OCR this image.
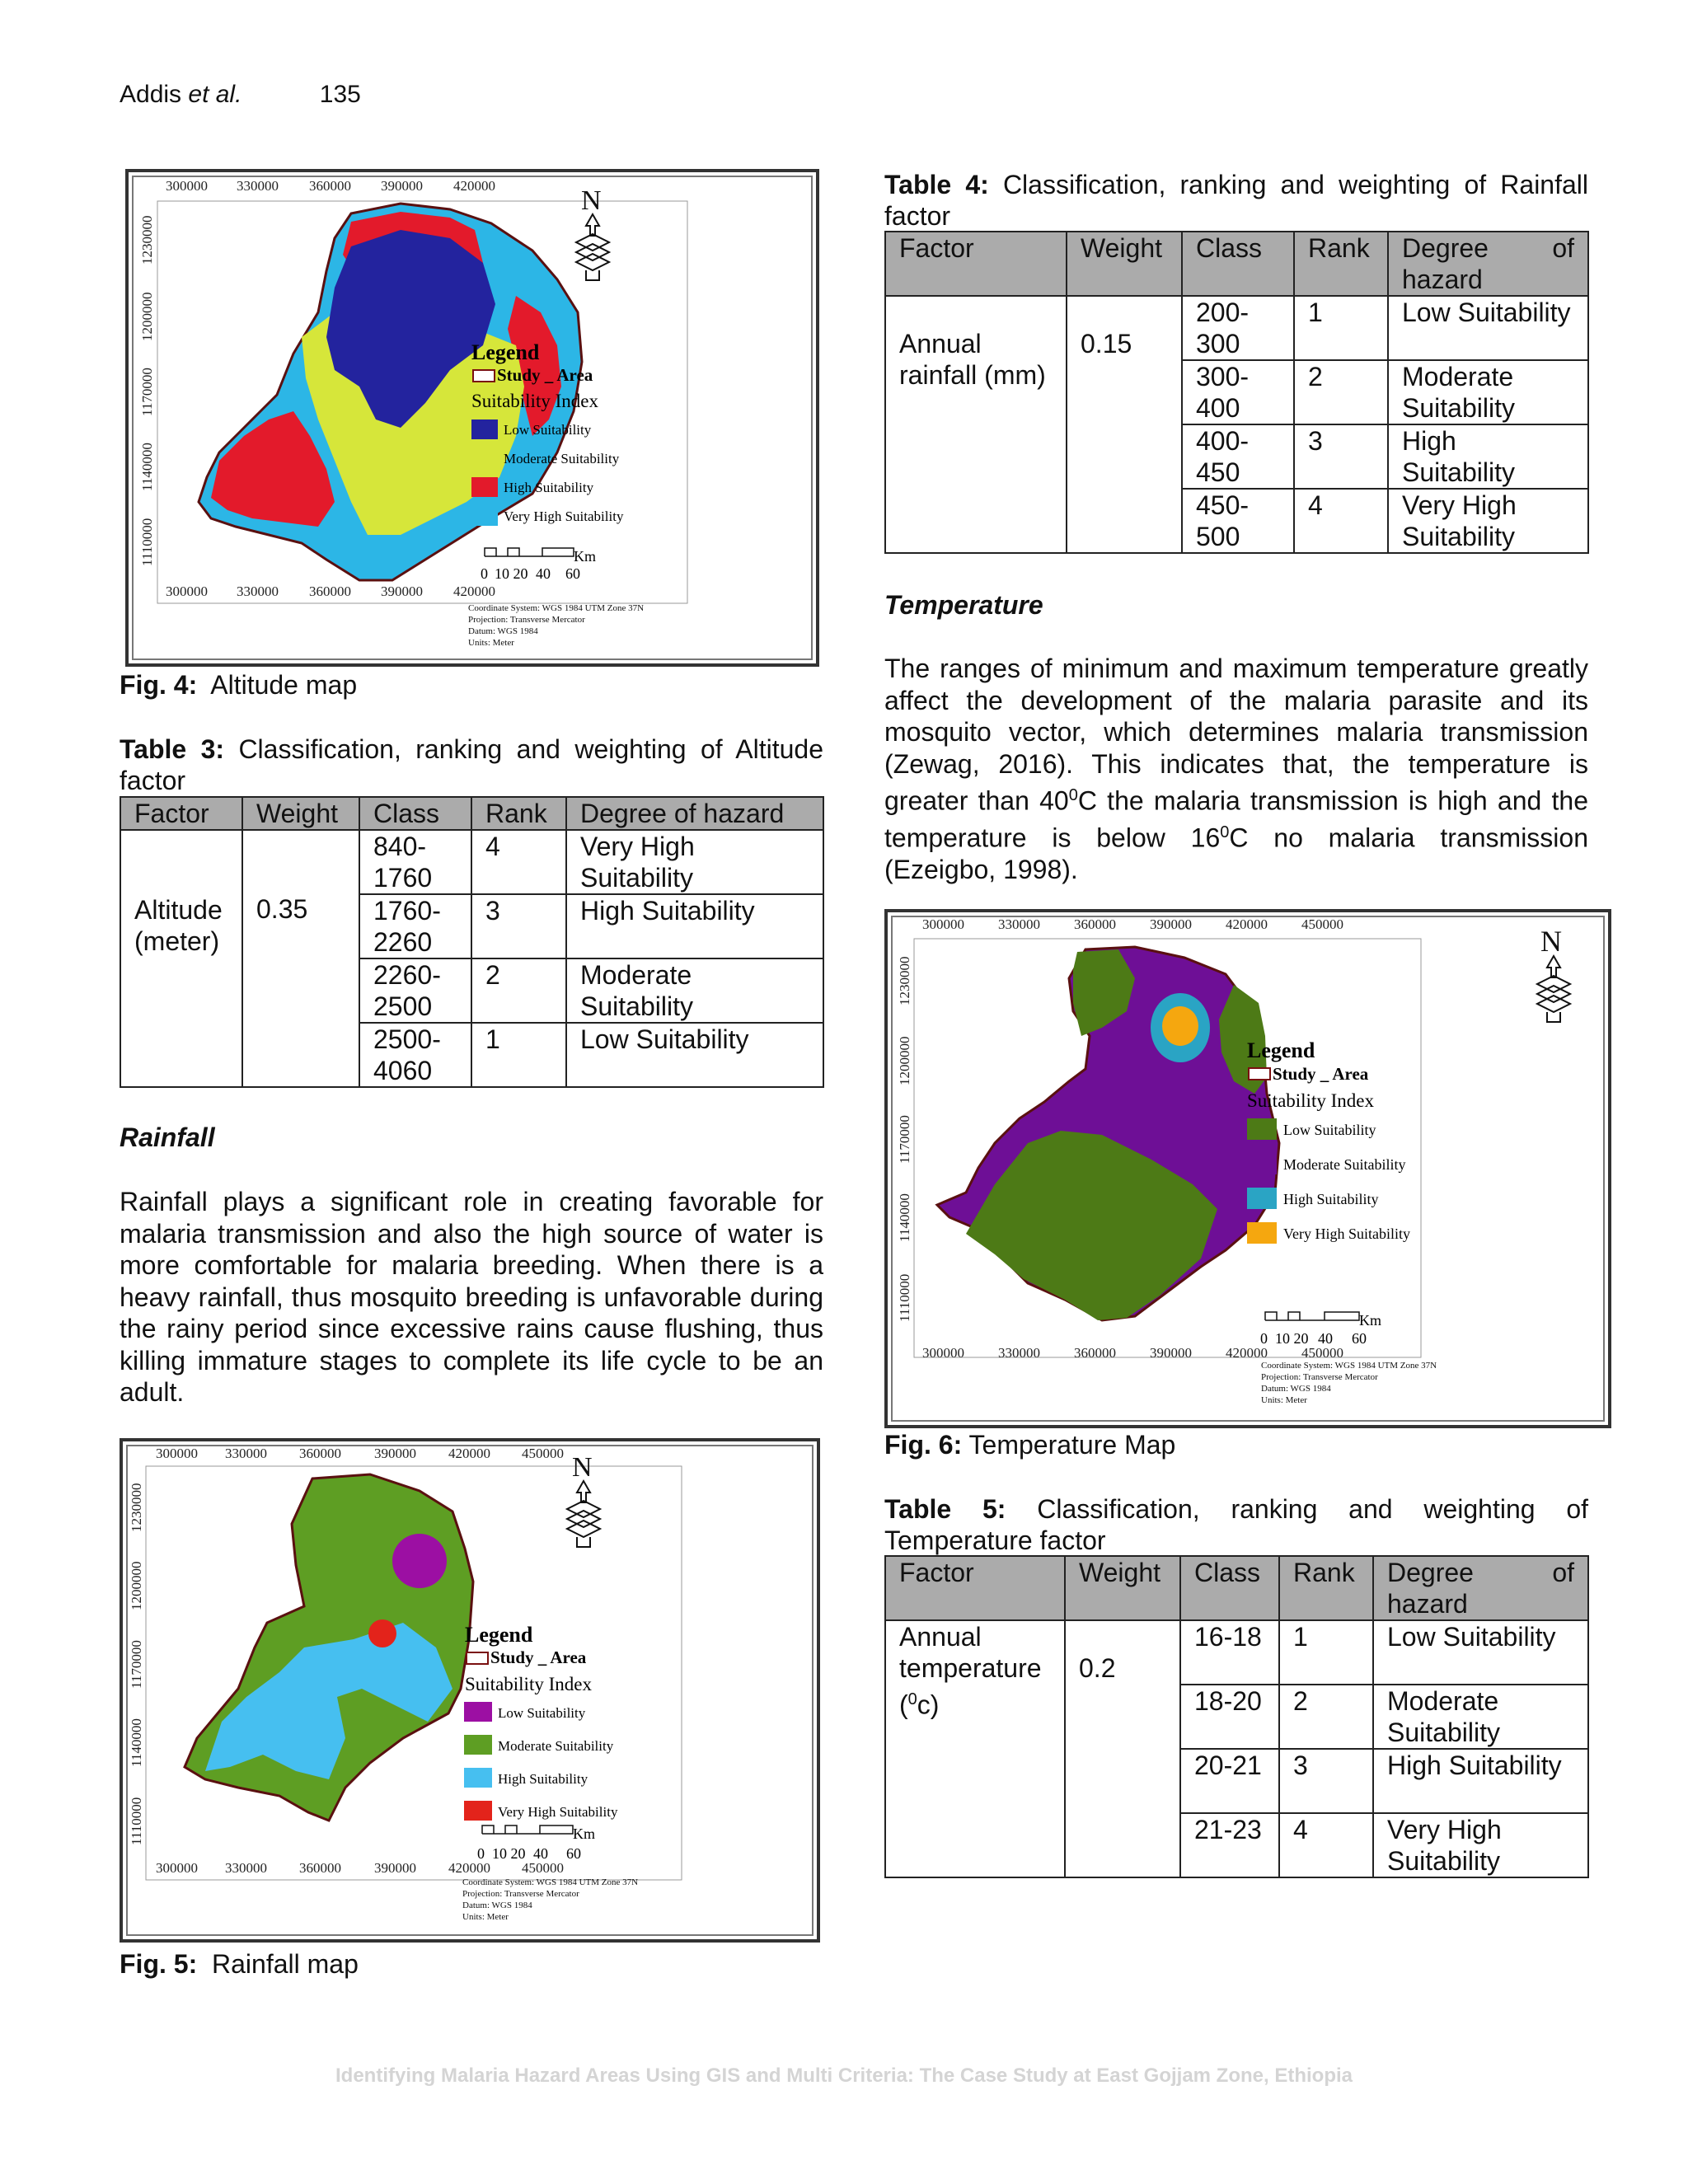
Addis et al.	135
300000 330000 360000 390000 420000
300000 330000 360000 390000 420000
1110000
1140000
1170000
1200000
1230000
Legend
Study _ Area
Suitability Index
Low Suitability
Moderate Suitability
High Suitability
Very High Suitability
N
Km
0 10 20 40 60
Coordinate System: WGS 1984 UTM Zone 37N
Projection: Transverse Mercator
Datum: WGS 1984
Units: Meter
Fig. 4: Altitude map
Table 3: Classification, ranking and weighting of Altitude factor
Factor	Weight	Class	Rank	Degree of hazard
Altitude (meter)	0.35	840-1760	4	Very High Suitability
		1760-2260	3	High Suitability
		2260-2500	2	Moderate Suitability
		2500-4060	1	Low Suitability
Rainfall

Rainfall plays a significant role in creating favorable for malaria transmission and also the high source of water is more comfortable for malaria breeding. When there is a heavy rainfall, thus mosquito breeding is unfavorable during the rainy period since excessive rains cause flushing, thus killing immature stages to complete its life cycle to be an adult.

300000 330000 360000 390000 420000 450000
300000 330000 360000 390000 420000 450000
1110000
1140000
1170000
1200000
1230000
Legend
Study _ Area
Suitability Index
Low Suitability
Moderate Suitability
High Suitability
Very High Suitability
N
Km
0 10 20 40 60
Coordinate System: WGS 1984 UTM Zone 37N
Projection: Transverse Mercator
Datum: WGS 1984
Units: Meter
Fig. 5: Rainfall map
Table 4: Classification, ranking and weighting of Rainfall factor
Factor	Weight	Class	Rank	Degree of hazard
Annual rainfall (mm)	0.15	200-300	1	Low Suitability
		300-400	2	Moderate Suitability
		400-450	3	High Suitability
		450-500	4	Very High Suitability
Temperature

The ranges of minimum and maximum temperature greatly affect the development of the malaria parasite and its mosquito vector, which determines malaria transmission (Zewag, 2016). This indicates that, the temperature is greater than $40^0C$ the malaria transmission is high and the temperature is below $16^0C$ no malaria transmission (Ezeigbo, 1998).

300000 330000 360000 390000 420000 450000
300000 330000 360000 390000 420000 450000
1110000
1140000
1170000
1200000
1230000
Legend
Study _ Area
Suitability Index
Low Suitability
Moderate Suitability
High Suitability
Very High Suitability
N
Km
0 10 20 40 60
Coordinate System: WGS 1984 UTM Zone 37N
Projection: Transverse Mercator
Datum: WGS 1984
Units: Meter
Fig. 6: Temperature Map
Table 5: Classification, ranking and weighting of Temperature factor
Factor	Weight	Class	Rank	Degree of hazard
Annual temperature
($^0$c)	0.2	16-18	1	Low Suitability
		18-20	2	Moderate Suitability
		20-21	3	High Suitability
		21-23	4	Very High Suitability
Identifying Malaria Hazard Areas Using GIS and Multi Criteria: The Case Study at East Gojjam Zone, Ethiopia
